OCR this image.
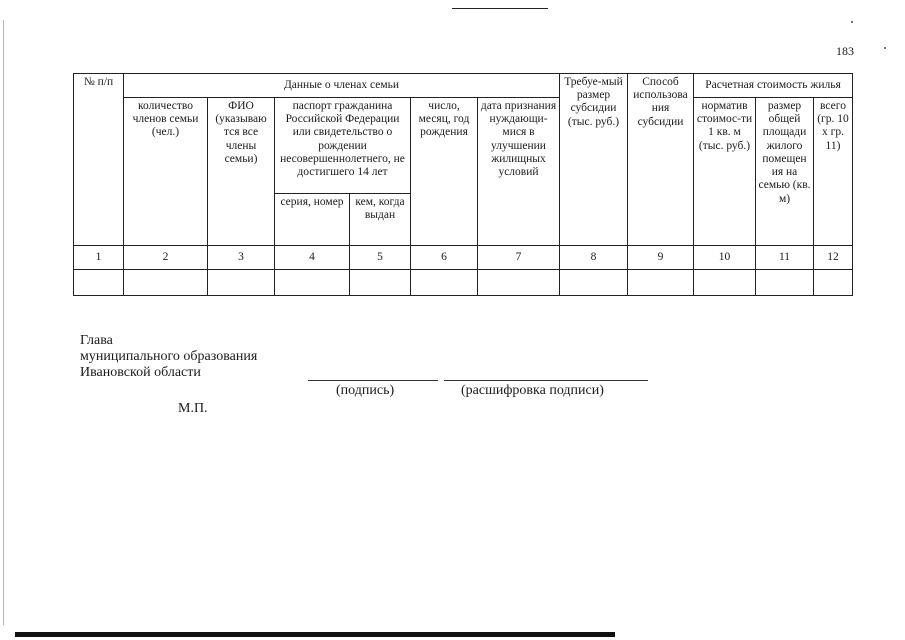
183
№ п/п	Данные о членах семьи						Требуе-мый размер субсидии (тыс. руб.)	Способ использова ния субсидии	Расчетная стоимость жилья		
	количество членов семьи (чел.)	ФИО (указываю тся все члены семьи)	паспорт гражданина Российской Федерации или свидетельство о рождении несовершеннолетнего, не достигшего 14 лет		число, месяц, год рождения	дата признания нуждающи-мися в улучшении жилищных условий			норматив стоимос-ти 1 кв. м (тыс. руб.)	размер общей площади жилого помещен ия на семью (кв. м)	всего (гр. 10 x гр. 11)
			серия, номер	кем, когда выдан							
1	2	3	4	5	6	7	8	9	10	11	12

Глава
муниципального образования
Ивановской области
(подпись)	(расшифровка подписи)
М.П.
